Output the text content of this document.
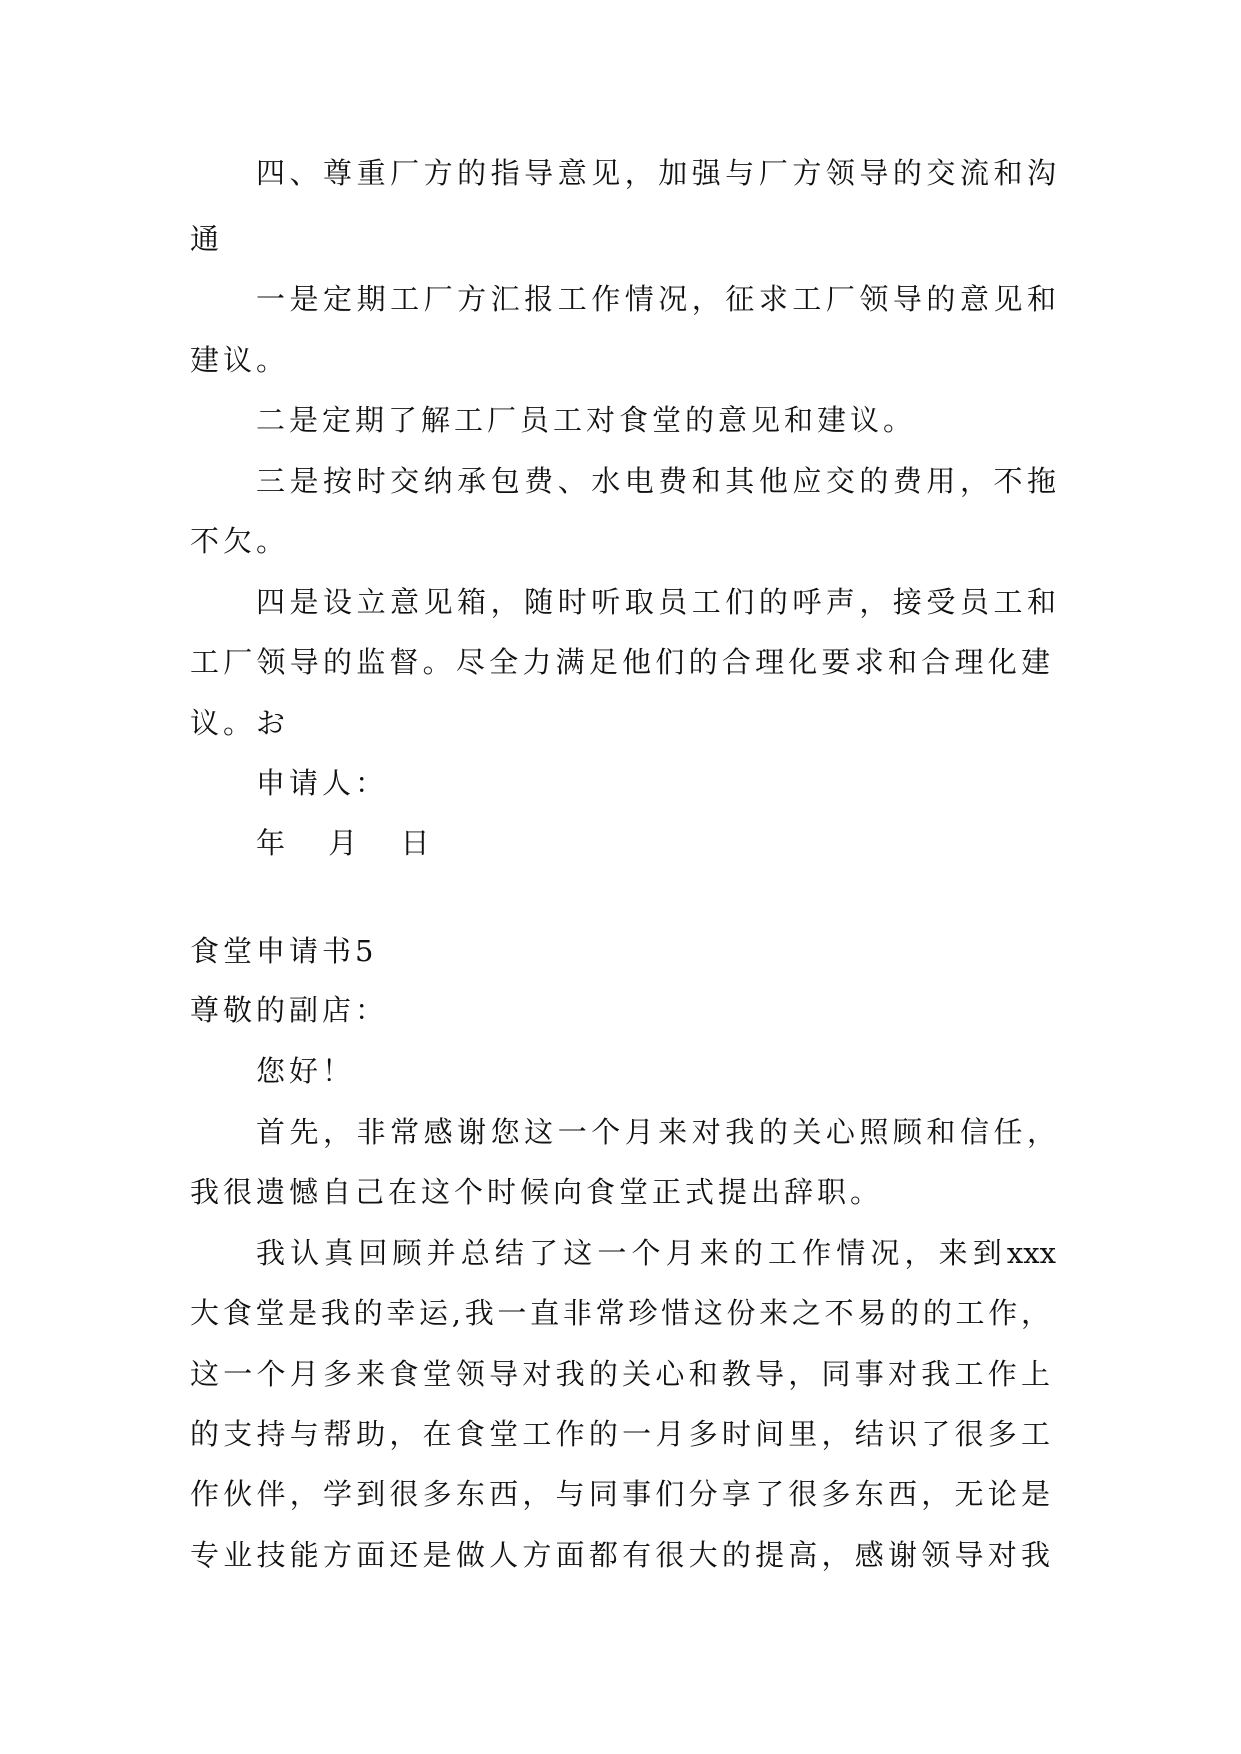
四、尊重厂方的指导意见，加强与厂方领导的交流和沟
通
一是定期工厂方汇报工作情况，征求工厂领导的意见和
建议。
二是定期了解工厂员工对食堂的意见和建议。
三是按时交纳承包费、水电费和其他应交的费用，不拖
不欠。
四是设立意见箱，随时听取员工们的呼声，接受员工和
工厂领导的监督。尽全力满足他们的合理化要求和合理化建
议。お
申请人：
年 月 日
食堂申请书5
尊敬的副店：
您好！
首先，非常感谢您这一个月来对我的关心照顾和信任，
我很遗憾自己在这个时候向食堂正式提出辞职。
我认真回顾并总结了这一个月来的工作情况，来到xxx
大食堂是我的幸运,我一直非常珍惜这份来之不易的的工作，
这一个月多来食堂领导对我的关心和教导，同事对我工作上
的支持与帮助，在食堂工作的一月多时间里，结识了很多工
作伙伴，学到很多东西，与同事们分享了很多东西，无论是
专业技能方面还是做人方面都有很大的提高，感谢领导对我
